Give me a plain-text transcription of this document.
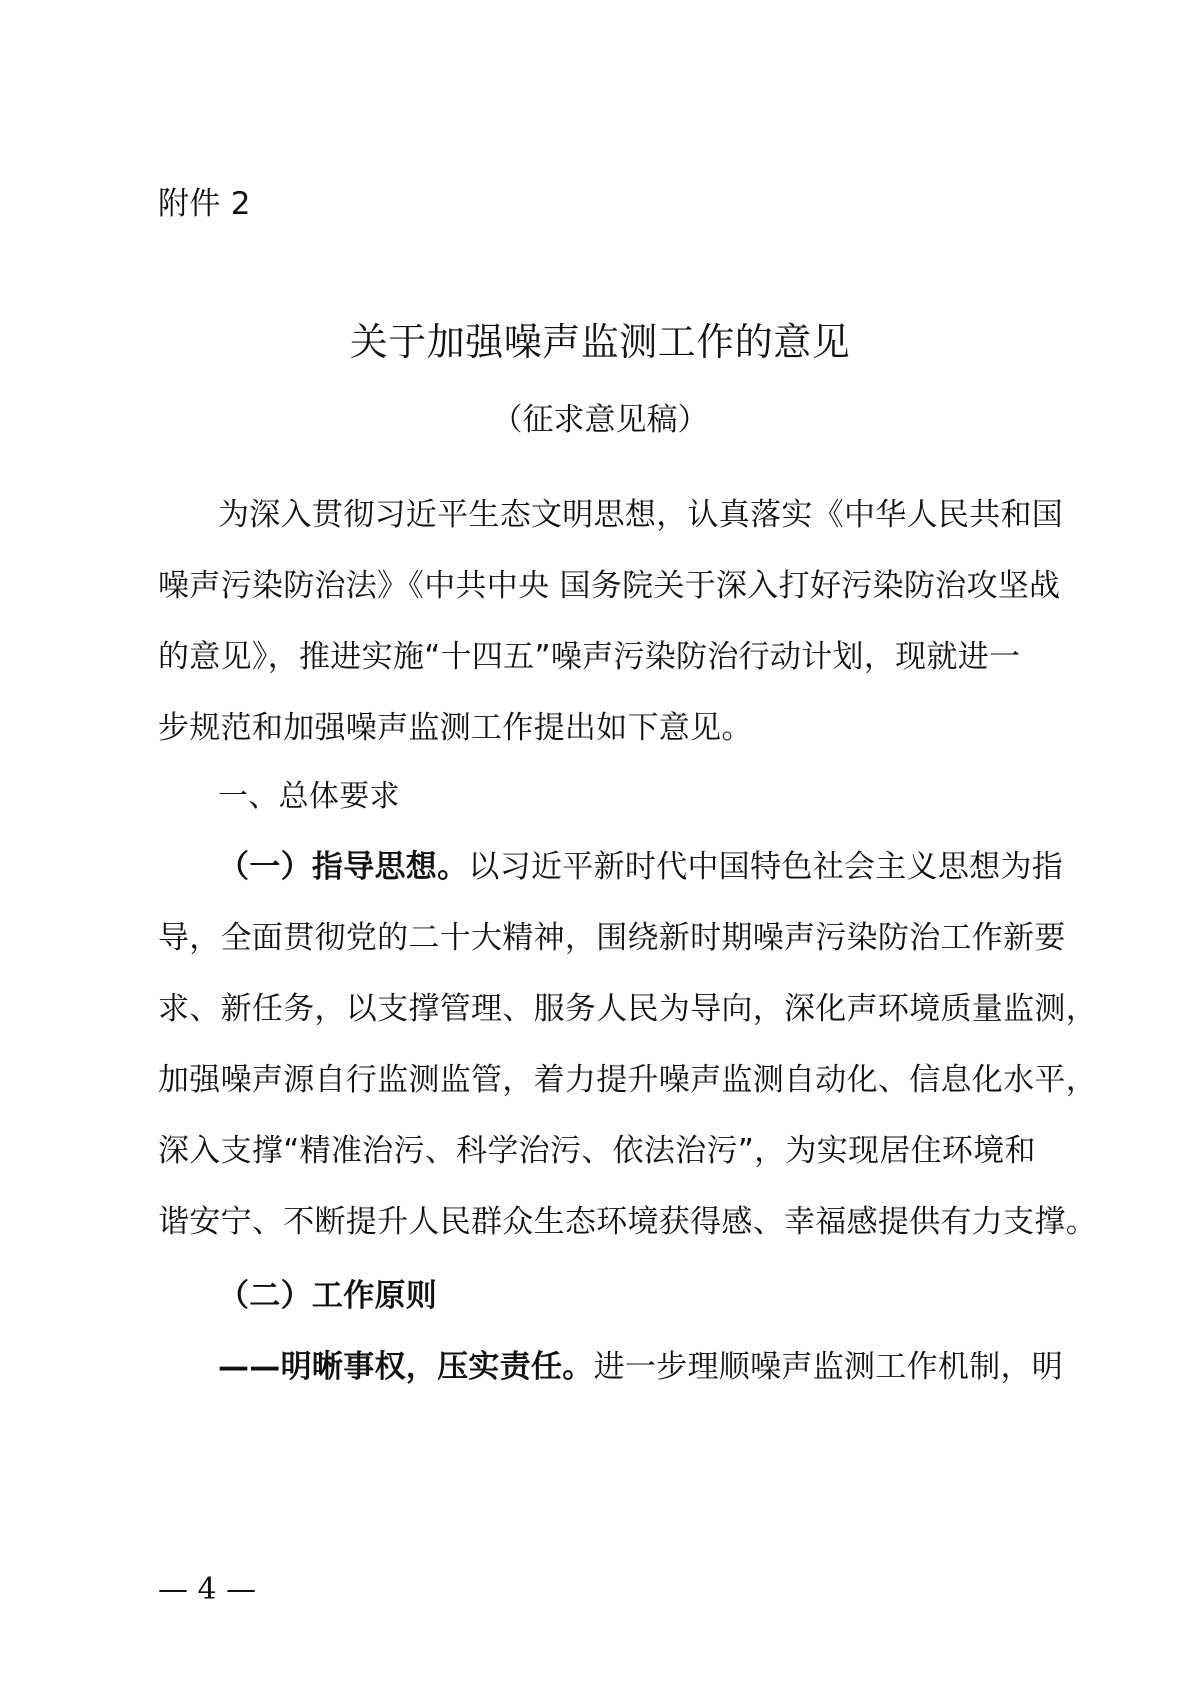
附件 2
关于加强噪声监测工作的意见
（征求意见稿）
为深入贯彻习近平生态文明思想，认真落实《中华人民共和国
噪声污染防治法》《中共中央 国务院关于深入打好污染防治攻坚战
的意见》，推进实施“十四五”噪声污染防治行动计划，现就进一
步规范和加强噪声监测工作提出如下意见。
一、总体要求
（一）指导思想。以习近平新时代中国特色社会主义思想为指
导，全面贯彻党的二十大精神，围绕新时期噪声污染防治工作新要
求、新任务，以支撑管理、服务人民为导向，深化声环境质量监测，
加强噪声源自行监测监管，着力提升噪声监测自动化、信息化水平，
深入支撑“精准治污、科学治污、依法治污”，为实现居住环境和
谐安宁、不断提升人民群众生态环境获得感、幸福感提供有力支撑。
（二）工作原则
——明晰事权，压实责任。进一步理顺噪声监测工作机制，明
— 4 —
